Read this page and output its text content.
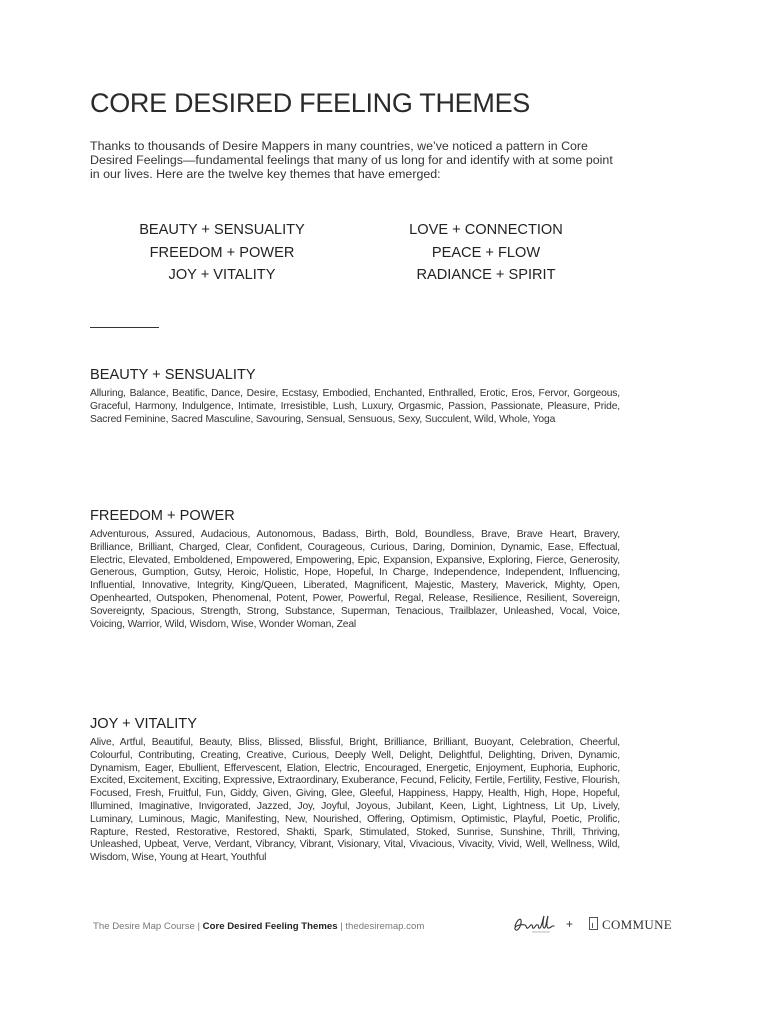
CORE DESIRED FEELING THEMES

Thanks to thousands of Desire Mappers in many countries, we’ve noticed a pattern in Core Desired Feelings—fundamental feelings that many of us long for and identify with at some point in our lives. Here are the twelve key themes that have emerged:

BEAUTY + SENSUALITY
FREEDOM + POWER
JOY + VITALITY
LOVE + CONNECTION
PEACE + FLOW
RADIANCE + SPIRIT
BEAUTY + SENSUALITY

Alluring, Balance, Beatific, Dance, Desire, Ecstasy, Embodied, Enchanted, Enthralled, Erotic, Eros, Fervor, Gorgeous, Graceful, Harmony, Indulgence, Intimate, Irresistible, Lush, Luxury, Orgasmic, Passion, Passionate, Pleasure, Pride, Sacred Feminine, Sacred Masculine, Savouring, Sensual, Sensuous, Sexy, Succulent, Wild, Whole, Yoga

FREEDOM + POWER

Adventurous, Assured, Audacious, Autonomous, Badass, Birth, Bold, Boundless, Brave, Brave Heart, Bravery, Brilliance, Brilliant, Charged, Clear, Confident, Courageous, Curious, Daring, Dominion, Dynamic, Ease, Effectual, Electric, Elevated, Emboldened, Empowered, Empowering, Epic, Expansion, Expansive, Exploring, Fierce, Generosity, Generous, Gumption, Gutsy, Heroic, Holistic, Hope, Hopeful, In Charge, Independence, Independent, Influencing, Influential, Innovative, Integrity, King/Queen, Liberated, Magnificent, Majestic, Mastery, Maverick, Mighty, Open, Openhearted, Outspoken, Phenomenal, Potent, Power, Powerful, Regal, Release, Resilience, Resilient, Sovereign, Sovereignty, Spacious, Strength, Strong, Substance, Superman, Tenacious, Trailblazer, Unleashed, Vocal, Voice, Voicing, Warrior, Wild, Wisdom, Wise, Wonder Woman, Zeal

JOY + VITALITY

Alive, Artful, Beautiful, Beauty, Bliss, Blissed, Blissful, Bright, Brilliance, Brilliant, Buoyant, Celebration, Cheerful, Colourful, Contributing, Creating, Creative, Curious, Deeply Well, Delight, Delightful, Delighting, Driven, Dynamic, Dynamism, Eager, Ebullient, Effervescent, Elation, Electric, Encouraged, Energetic, Enjoyment, Euphoria, Euphoric, Excited, Excitement, Exciting, Expressive, Extraordinary, Exuberance, Fecund, Felicity, Fertile, Fertility, Festive, Flourish, Focused, Fresh, Fruitful, Fun, Giddy, Given, Giving, Glee, Gleeful, Happiness, Happy, Health, High, Hope, Hopeful, Illumined, Imaginative, Invigorated, Jazzed, Joy, Joyful, Joyous, Jubilant, Keen, Light, Lightness, Lit Up, Lively, Luminary, Luminous, Magic, Manifesting, New, Nourished, Offering, Optimism, Optimistic, Playful, Poetic, Prolific, Rapture, Rested, Restorative, Restored, Shakti, Spark, Stimulated, Stoked, Sunrise, Sunshine, Thrill, Thriving, Unleashed, Upbeat, Verve, Verdant, Vibrancy, Vibrant, Visionary, Vital, Vivacious, Vivacity, Vivid, Well, Wellness, Wild, Wisdom, Wise, Young at Heart, Youthful

The Desire Map Course | Core Desired Feeling Themes | thedesiremap.com	+ COMMUNE
